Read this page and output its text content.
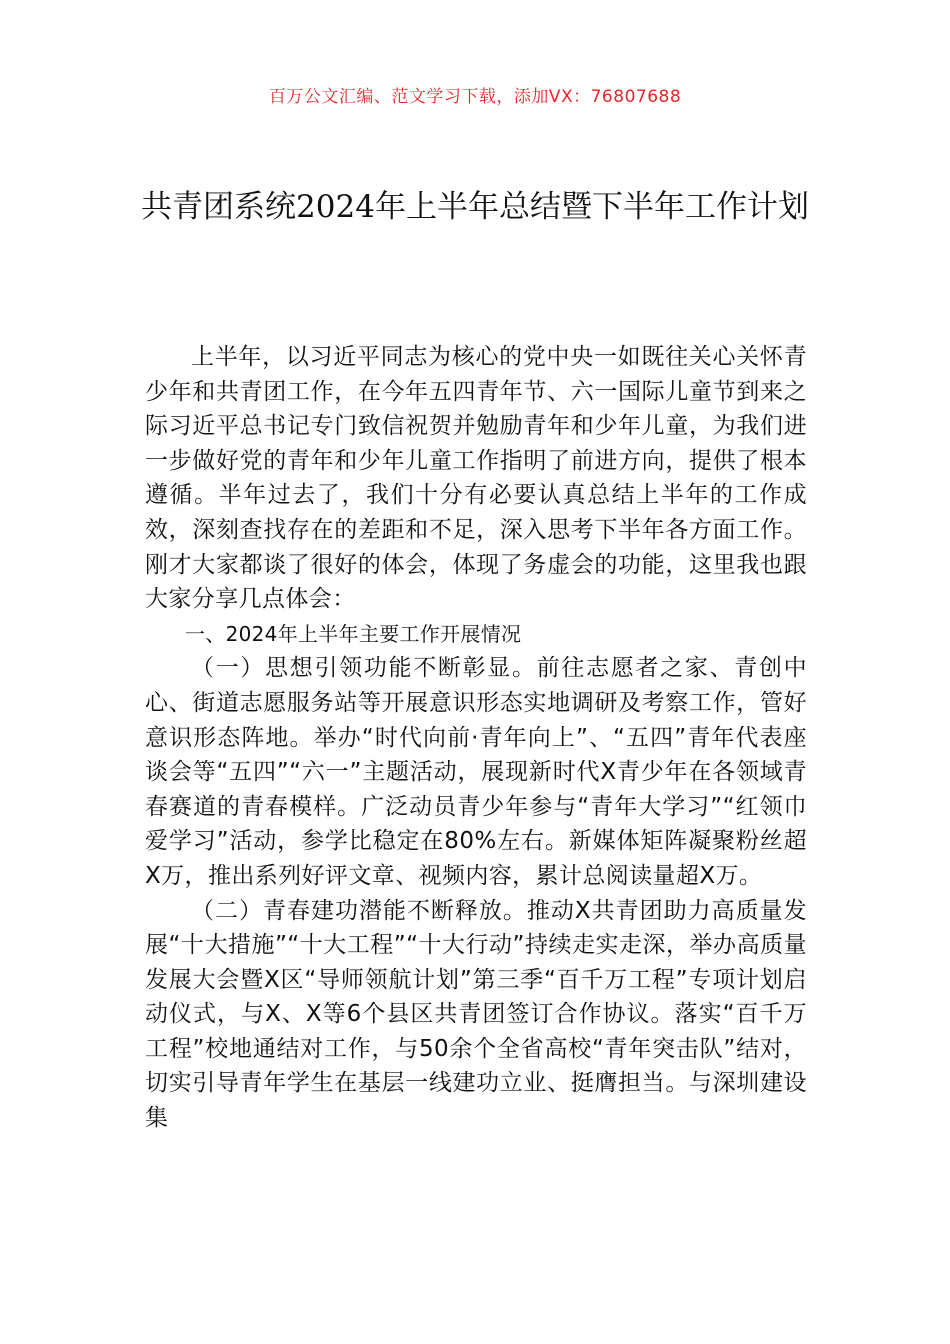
百万公文汇编、范文学习下载，添加VX：76807688
共青团系统2024年上半年总结暨下半年工作计划

上半年，以习近平同志为核心的党中央一如既往关心关怀青少年和共青团工作，在今年五四青年节、六一国际儿童节到来之际习近平总书记专门致信祝贺并勉励青年和少年儿童，为我们进一步做好党的青年和少年儿童工作指明了前进方向，提供了根本遵循。半年过去了，我们十分有必要认真总结上半年的工作成效，深刻查找存在的差距和不足，深入思考下半年各方面工作。刚才大家都谈了很好的体会，体现了务虚会的功能，这里我也跟大家分享几点体会：

一、2024年上半年主要工作开展情况

（一）思想引领功能不断彰显。前往志愿者之家、青创中心、街道志愿服务站等开展意识形态实地调研及考察工作，管好意识形态阵地。举办“时代向前·青年向上”、“五四”青年代表座谈会等“五四”“六一”主题活动，展现新时代X青少年在各领域青春赛道的青春模样。广泛动员青少年参与“青年大学习”“红领巾爱学习”活动，参学比稳定在80%左右。新媒体矩阵凝聚粉丝超X万，推出系列好评文章、视频内容，累计总阅读量超X万。

（二）青春建功潜能不断释放。推动X共青团助力高质量发展“十大措施”“十大工程”“十大行动”持续走实走深，举办高质量发展大会暨X区“导师领航计划”第三季“百千万工程”专项计划启动仪式，与X、X等6个县区共青团签订合作协议。落实“百千万工程”校地通结对工作，与50余个全省高校“青年突击队”结对，切实引导青年学生在基层一线建功立业、挺膺担当。与深圳建设集
